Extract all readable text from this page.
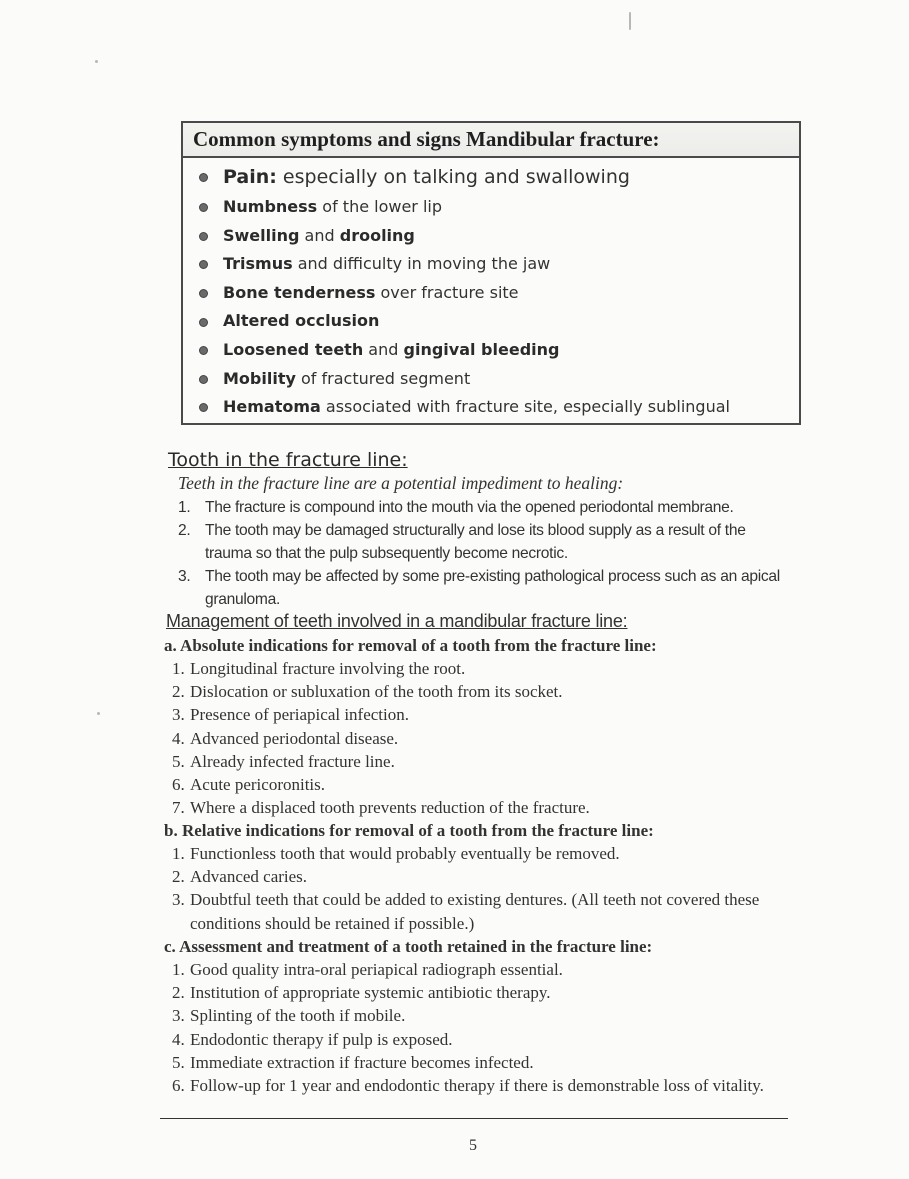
Common symptoms and signs Mandibular fracture:
Pain: especially on talking and swallowing
Numbness of the lower lip
Swelling and drooling
Trismus and difficulty in moving the jaw
Bone tenderness over fracture site
Altered occlusion
Loosened teeth and gingival bleeding
Mobility of fractured segment
Hematoma associated with fracture site, especially sublingual
Tooth in the fracture line:
Teeth in the fracture line are a potential impediment to healing:
1. The fracture is compound into the mouth via the opened periodontal membrane.
2. The tooth may be damaged structurally and lose its blood supply as a result of the trauma so that the pulp subsequently become necrotic.
3. The tooth may be affected by some pre-existing pathological process such as an apical granuloma.
Management of teeth involved in a mandibular fracture line:
a. Absolute indications for removal of a tooth from the fracture line:
1. Longitudinal fracture involving the root.
2. Dislocation or subluxation of the tooth from its socket.
3. Presence of periapical infection.
4. Advanced periodontal disease.
5. Already infected fracture line.
6. Acute pericoronitis.
7. Where a displaced tooth prevents reduction of the fracture.
b. Relative indications for removal of a tooth from the fracture line:
1. Functionless tooth that would probably eventually be removed.
2. Advanced caries.
3. Doubtful teeth that could be added to existing dentures. (All teeth not covered these conditions should be retained if possible.)
c. Assessment and treatment of a tooth retained in the fracture line:
1. Good quality intra-oral periapical radiograph essential.
2. Institution of appropriate systemic antibiotic therapy.
3. Splinting of the tooth if mobile.
4. Endodontic therapy if pulp is exposed.
5. Immediate extraction if fracture becomes infected.
6. Follow-up for 1 year and endodontic therapy if there is demonstrable loss of vitality.
5
